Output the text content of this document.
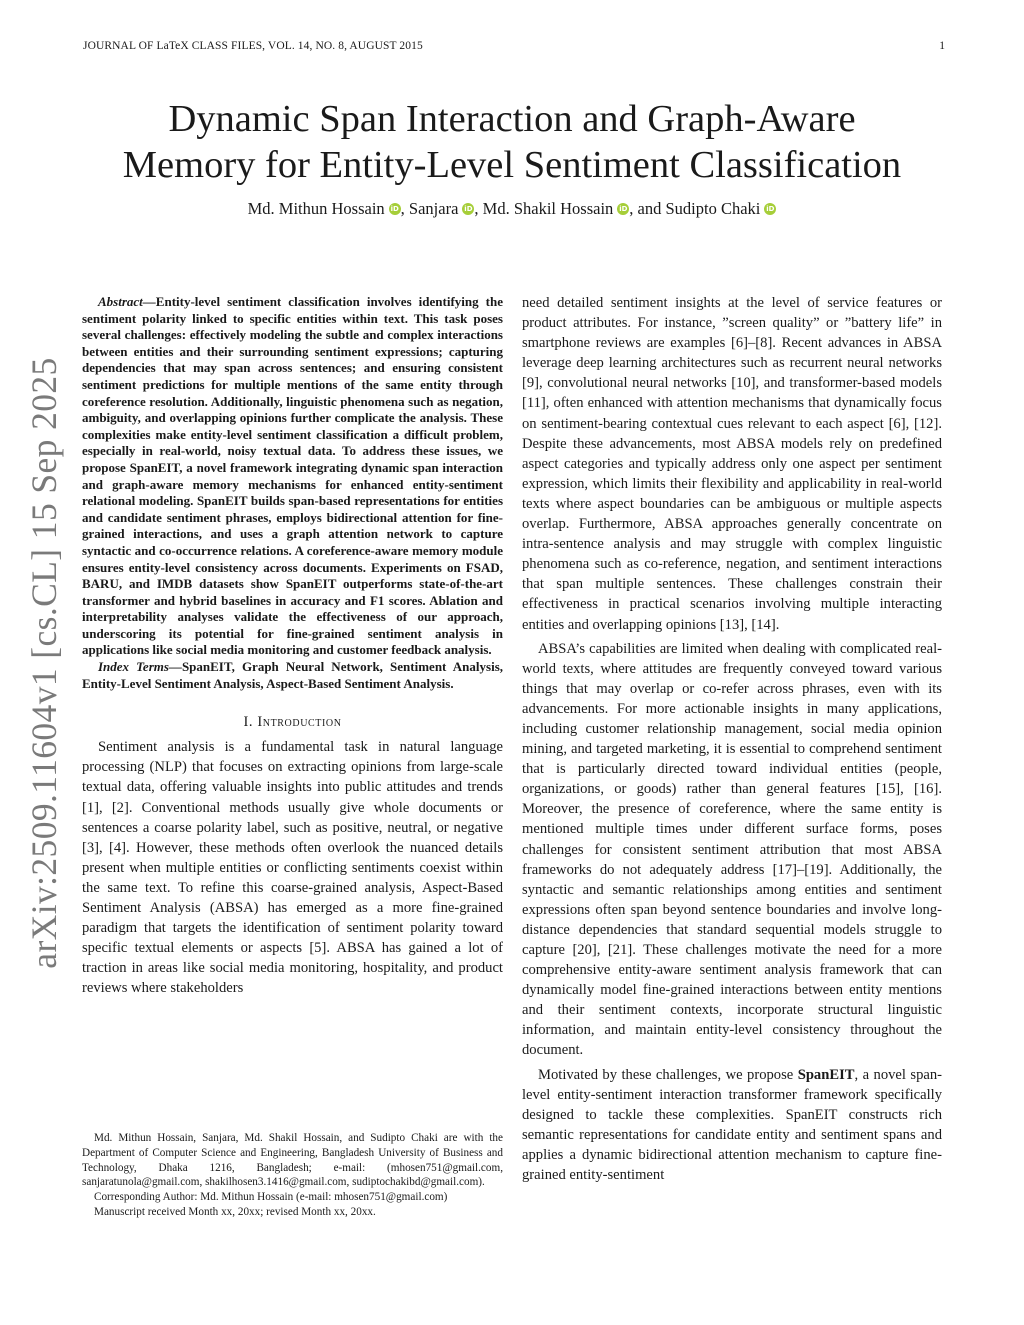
JOURNAL OF LaTeX CLASS FILES, VOL. 14, NO. 8, AUGUST 2015	1
Dynamic Span Interaction and Graph-Aware
Memory for Entity-Level Sentiment Classification
Md. Mithun Hossain iD , Sanjara iD , Md. Shakil Hossain iD , and Sudipto Chaki iD
arXiv:2509.11604v1 [cs.CL] 15 Sep 2025

Abstract—Entity-level sentiment classification involves identifying the sentiment polarity linked to specific entities within text. This task poses several challenges: effectively modeling the subtle and complex interactions between entities and their surrounding sentiment expressions; capturing dependencies that may span across sentences; and ensuring consistent sentiment predictions for multiple mentions of the same entity through coreference resolution. Additionally, linguistic phenomena such as negation, ambiguity, and overlapping opinions further complicate the analysis. These complexities make entity-level sentiment classification a difficult problem, especially in real-world, noisy textual data. To address these issues, we propose SpanEIT, a novel framework integrating dynamic span interaction and graph-aware memory mechanisms for enhanced entity-sentiment relational modeling. SpanEIT builds span-based representations for entities and candidate sentiment phrases, employs bidirectional attention for fine-grained interactions, and uses a graph attention network to capture syntactic and co-occurrence relations. A coreference-aware memory module ensures entity-level consistency across documents. Experiments on FSAD, BARU, and IMDB datasets show SpanEIT outperforms state-of-the-art transformer and hybrid baselines in accuracy and F1 scores. Ablation and interpretability analyses validate the effectiveness of our approach, underscoring its potential for fine-grained sentiment analysis in applications like social media monitoring and customer feedback analysis.

Index Terms—SpanEIT, Graph Neural Network, Sentiment Analysis, Entity-Level Sentiment Analysis, Aspect-Based Sentiment Analysis.

I. Introduction

Sentiment analysis is a fundamental task in natural language processing (NLP) that focuses on extracting opinions from large-scale textual data, offering valuable insights into public attitudes and trends [1], [2]. Conventional methods usually give whole documents or sentences a coarse polarity label, such as positive, neutral, or negative [3], [4]. However, these methods often overlook the nuanced details present when multiple entities or conflicting sentiments coexist within the same text. To refine this coarse-grained analysis, Aspect-Based Sentiment Analysis (ABSA) has emerged as a more fine-grained paradigm that targets the identification of sentiment polarity toward specific textual elements or aspects [5]. ABSA has gained a lot of traction in areas like social media monitoring, hospitality, and product reviews where stakeholders

Md. Mithun Hossain, Sanjara, Md. Shakil Hossain, and Sudipto Chaki are with the Department of Computer Science and Engineering, Bangladesh University of Business and Technology, Dhaka 1216, Bangladesh; e-mail: (mhosen751@gmail.com, sanjaratunola@gmail.com, shakilhosen3.1416@gmail.com, sudiptochakibd@gmail.com).

Corresponding Author: Md. Mithun Hossain (e-mail: mhosen751@gmail.com)

Manuscript received Month xx, 20xx; revised Month xx, 20xx.

need detailed sentiment insights at the level of service features or product attributes. For instance, ”screen quality” or ”battery life” in smartphone reviews are examples [6]–[8]. Recent advances in ABSA leverage deep learning architectures such as recurrent neural networks [9], convolutional neural networks [10], and transformer-based models [11], often enhanced with attention mechanisms that dynamically focus on sentiment-bearing contextual cues relevant to each aspect [6], [12]. Despite these advancements, most ABSA models rely on predefined aspect categories and typically address only one aspect per sentiment expression, which limits their flexibility and applicability in real-world texts where aspect boundaries can be ambiguous or multiple aspects overlap. Furthermore, ABSA approaches generally concentrate on intra-sentence analysis and may struggle with complex linguistic phenomena such as co-reference, negation, and sentiment interactions that span multiple sentences. These challenges constrain their effectiveness in practical scenarios involving multiple interacting entities and overlapping opinions [13], [14].

ABSA’s capabilities are limited when dealing with complicated real-world texts, where attitudes are frequently conveyed toward various things that may overlap or co-refer across phrases, even with its advancements. For more actionable insights in many applications, including customer relationship management, social media opinion mining, and targeted marketing, it is essential to comprehend sentiment that is particularly directed toward individual entities (people, organizations, or goods) rather than general features [15], [16]. Moreover, the presence of coreference, where the same entity is mentioned multiple times under different surface forms, poses challenges for consistent sentiment attribution that most ABSA frameworks do not adequately address [17]–[19]. Additionally, the syntactic and semantic relationships among entities and sentiment expressions often span beyond sentence boundaries and involve long-distance dependencies that standard sequential models struggle to capture [20], [21]. These challenges motivate the need for a more comprehensive entity-aware sentiment analysis framework that can dynamically model fine-grained interactions between entity mentions and their sentiment contexts, incorporate structural linguistic information, and maintain entity-level consistency throughout the document.

Motivated by these challenges, we propose SpanEIT, a novel span-level entity-sentiment interaction transformer framework specifically designed to tackle these complexities. SpanEIT constructs rich semantic representations for candidate entity and sentiment spans and applies a dynamic bidirectional attention mechanism to capture fine-grained entity-sentiment
